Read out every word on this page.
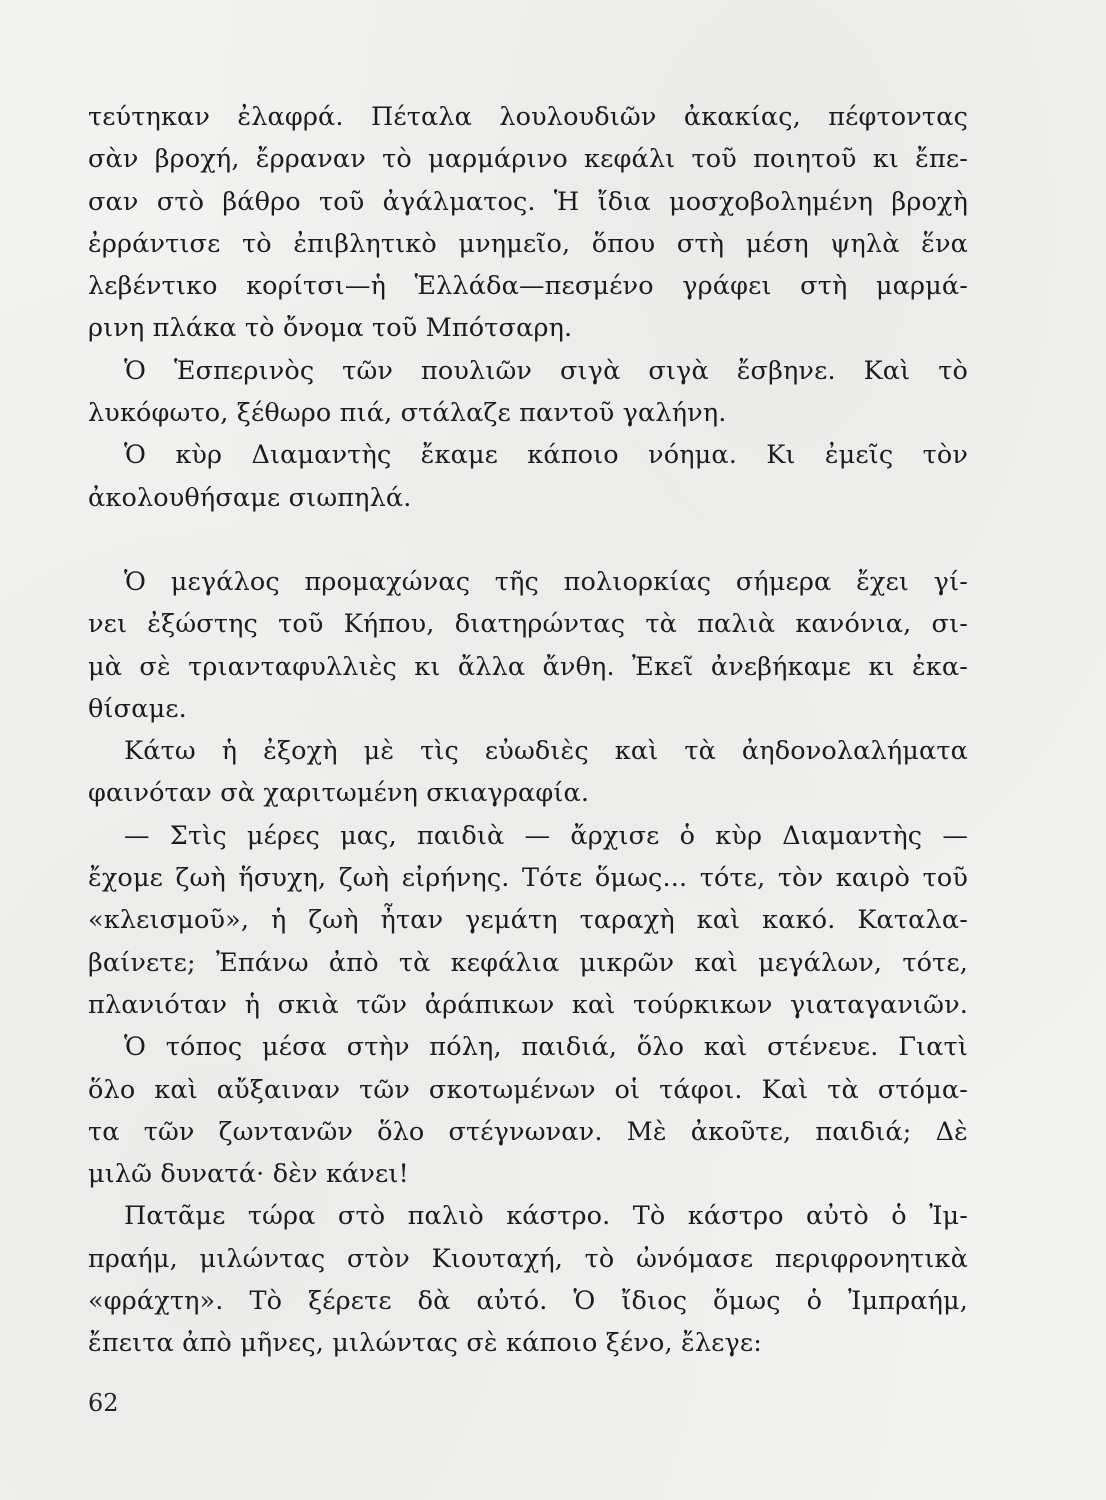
τεύτηκαν ἐλαφρά. Πέταλα λουλουδιῶν ἀκακίας, πέφτοντας
σὰν βροχή, ἔρραναν τὸ μαρμάρινο κεφάλι τοῦ ποιητοῦ κι ἔπε-
σαν στὸ βάθρο τοῦ ἀγάλματος. Ἡ ἴδια μοσχοβολημένη βροχὴ
ἐρράντισε τὸ ἐπιβλητικὸ μνημεῖο, ὅπου στὴ μέση ψηλὰ ἕνα
λεβέντικο κορίτσι—ἡ Ἑλλάδα—πεσμένο γράφει στὴ μαρμά-
ρινη πλάκα τὸ ὄνομα τοῦ Μπότσαρη.
Ὁ Ἑσπερινὸς τῶν πουλιῶν σιγὰ σιγὰ ἔσβηνε. Καὶ τὸ
λυκόφωτο, ξέθωρο πιά, στάλαζε παντοῦ γαλήνη.
Ὁ κὺρ Διαμαντὴς ἔκαμε κάποιο νόημα. Κι ἐμεῖς τὸν
ἀκολουθήσαμε σιωπηλά.
Ὁ μεγάλος προμαχώνας τῆς πολιορκίας σήμερα ἔχει γί-
νει ἐξώστης τοῦ Κήπου, διατηρώντας τὰ παλιὰ κανόνια, σι-
μὰ σὲ τριανταφυλλιὲς κι ἄλλα ἄνθη. Ἐκεῖ ἀνεβήκαμε κι ἐκα-
θίσαμε.
Κάτω ἡ ἐξοχὴ μὲ τὶς εὐωδιὲς καὶ τὰ ἀηδονολαλήματα
φαινόταν σὰ χαριτωμένη σκιαγραφία.
— Στὶς μέρες μας, παιδιὰ — ἄρχισε ὁ κὺρ Διαμαντὴς —
ἔχομε ζωὴ ἥσυχη, ζωὴ εἰρήνης. Τότε ὅμως... τότε, τὸν καιρὸ τοῦ
«κλεισμοῦ», ἡ ζωὴ ἦταν γεμάτη ταραχὴ καὶ κακό. Καταλα-
βαίνετε; Ἐπάνω ἀπὸ τὰ κεφάλια μικρῶν καὶ μεγάλων, τότε,
πλανιόταν ἡ σκιὰ τῶν ἀράπικων καὶ τούρκικων γιαταγανιῶν.
Ὁ τόπος μέσα στὴν πόλη, παιδιά, ὅλο καὶ στένευε. Γιατὶ
ὅλο καὶ αὔξαιναν τῶν σκοτωμένων οἱ τάφοι. Καὶ τὰ στόμα-
τα τῶν ζωντανῶν ὅλο στέγνωναν. Μὲ ἀκοῦτε, παιδιά; Δὲ
μιλῶ δυνατά· δὲν κάνει!
Πατᾶμε τώρα στὸ παλιὸ κάστρο. Τὸ κάστρο αὐτὸ ὁ Ἰμ-
πραήμ, μιλώντας στὸν Κιουταχή, τὸ ὠνόμασε περιφρονητικὰ
«φράχτη». Τὸ ξέρετε δὰ αὐτό. Ὁ ἴδιος ὅμως ὁ Ἰμπραήμ,
ἔπειτα ἀπὸ μῆνες, μιλώντας σὲ κάποιο ξένο, ἔλεγε:
62
